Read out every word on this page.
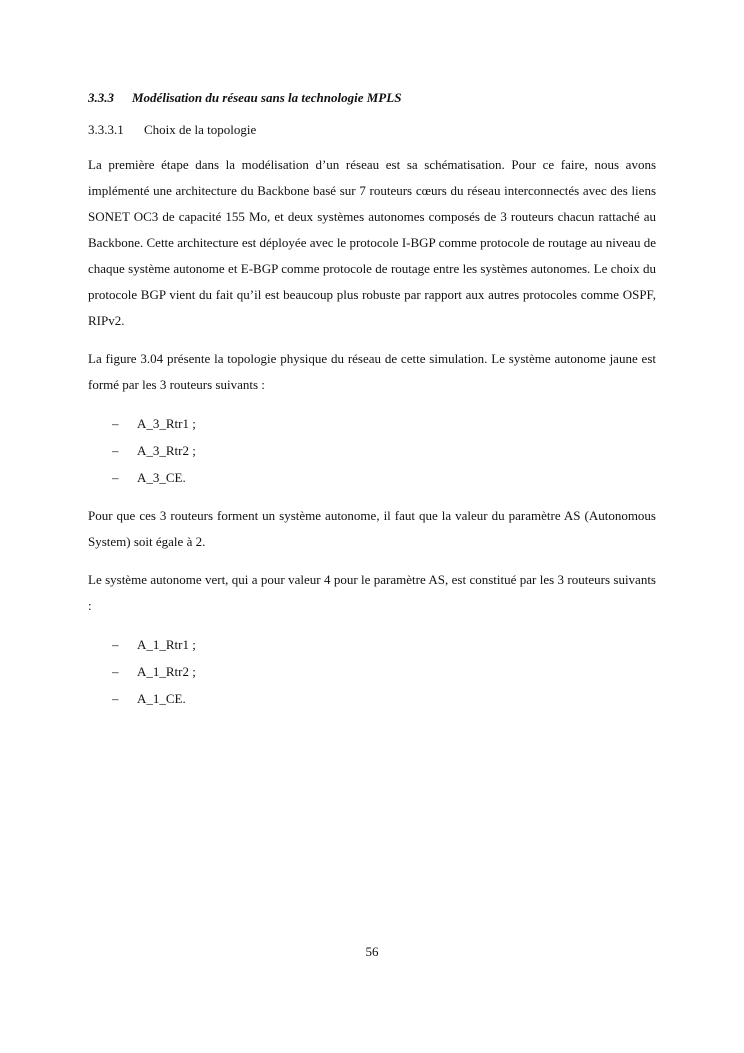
3.3.3 Modélisation du réseau sans la technologie MPLS
3.3.3.1 Choix de la topologie

La première étape dans la modélisation d’un réseau est sa schématisation. Pour ce faire, nous avons implémenté une architecture du Backbone basé sur 7 routeurs cœurs du réseau interconnectés avec des liens SONET OC3 de capacité 155 Mo, et deux systèmes autonomes composés de 3 routeurs chacun rattaché au Backbone. Cette architecture est déployée avec le protocole I-BGP comme protocole de routage au niveau de chaque système autonome et E-BGP comme protocole de routage entre les systèmes autonomes. Le choix du protocole BGP vient du fait qu’il est beaucoup plus robuste par rapport aux autres protocoles comme OSPF, RIPv2.

La figure 3.04 présente la topologie physique du réseau de cette simulation. Le système autonome jaune est formé par les 3 routeurs suivants :

– A_3_Rtr1 ;
– A_3_Rtr2 ;
– A_3_CE.

Pour que ces 3 routeurs forment un système autonome, il faut que la valeur du paramètre AS (Autonomous System) soit égale à 2.

Le système autonome vert, qui a pour valeur 4 pour le paramètre AS, est constitué par les 3 routeurs suivants :

– A_1_Rtr1 ;
– A_1_Rtr2 ;
– A_1_CE.
56
